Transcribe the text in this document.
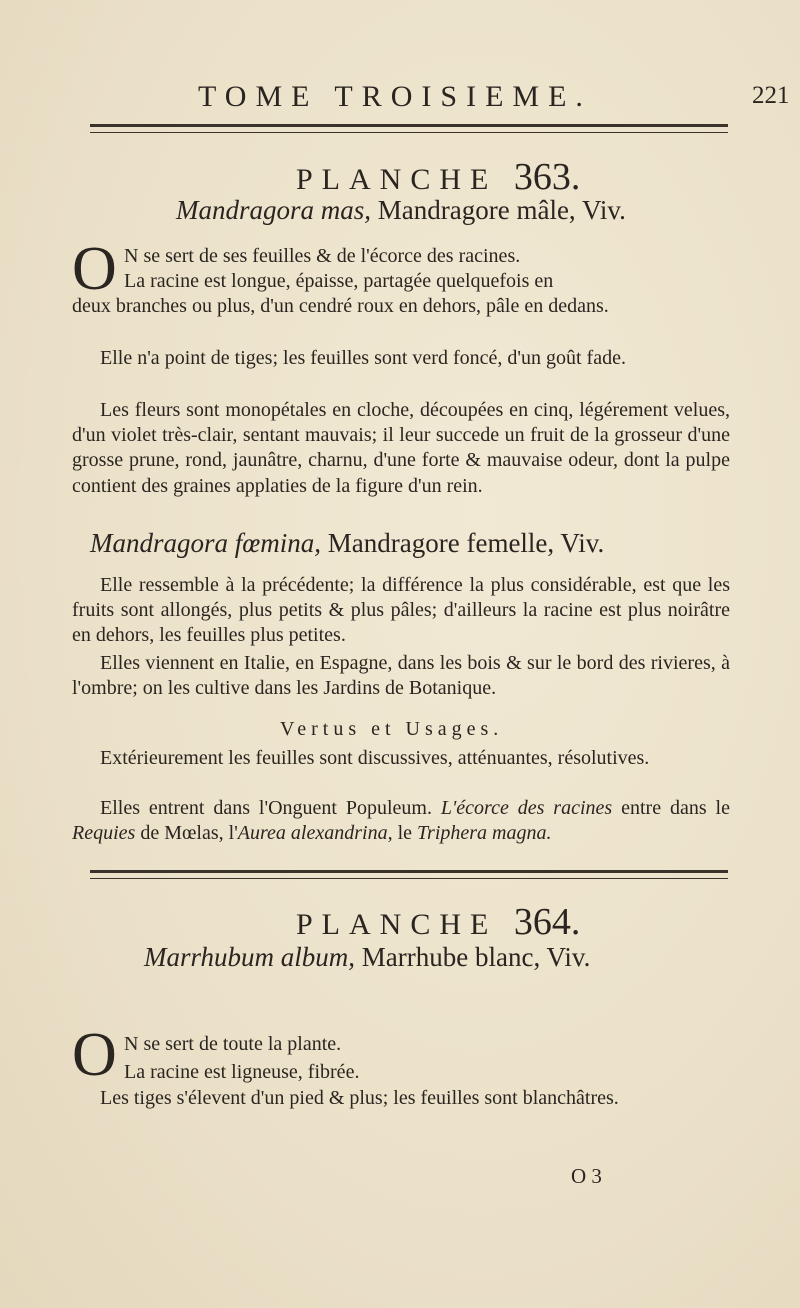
TOME TROISIEME.	221
PLANCHE 363.
Mandragora mas, Mandragore mâle, Viv.
O N se sert de ses feuilles & de l'écorce des racines.

La racine est longue, épaisse, partagée quelquefois en

deux branches ou plus, d'un cendré roux en dehors, pâle en dedans.

Elle n'a point de tiges; les feuilles sont verd foncé, d'un goût fade.

Les fleurs sont monopétales en cloche, découpées en cinq, légérement velues, d'un violet très-clair, sentant mauvais; il leur succede un fruit de la grosseur d'une grosse prune, rond, jaunâtre, charnu, d'une forte & mauvaise odeur, dont la pulpe contient des graines applaties de la figure d'un rein.

Mandragora fœmina, Mandragore femelle, Viv.

Elle ressemble à la précédente; la différence la plus considérable, est que les fruits sont allongés, plus petits & plus pâles; d'ailleurs la racine est plus noirâtre en dehors, les feuilles plus petites.

Elles viennent en Italie, en Espagne, dans les bois & sur le bord des rivieres, à l'ombre; on les cultive dans les Jardins de Botanique.

Vertus et Usages.

Extérieurement les feuilles sont discussives, atténuantes, résolutives.

Elles entrent dans l'Onguent Populeum. L'écorce des racines entre dans le Requies de Mœlas, l'Aurea alexandrina, le Triphera magna.

PLANCHE 364.
Marrhubum album, Marrhube blanc, Viv.
O N se sert de toute la plante.

La racine est ligneuse, fibrée.

Les tiges s'élevent d'un pied & plus; les feuilles sont blanchâtres.

O 3
